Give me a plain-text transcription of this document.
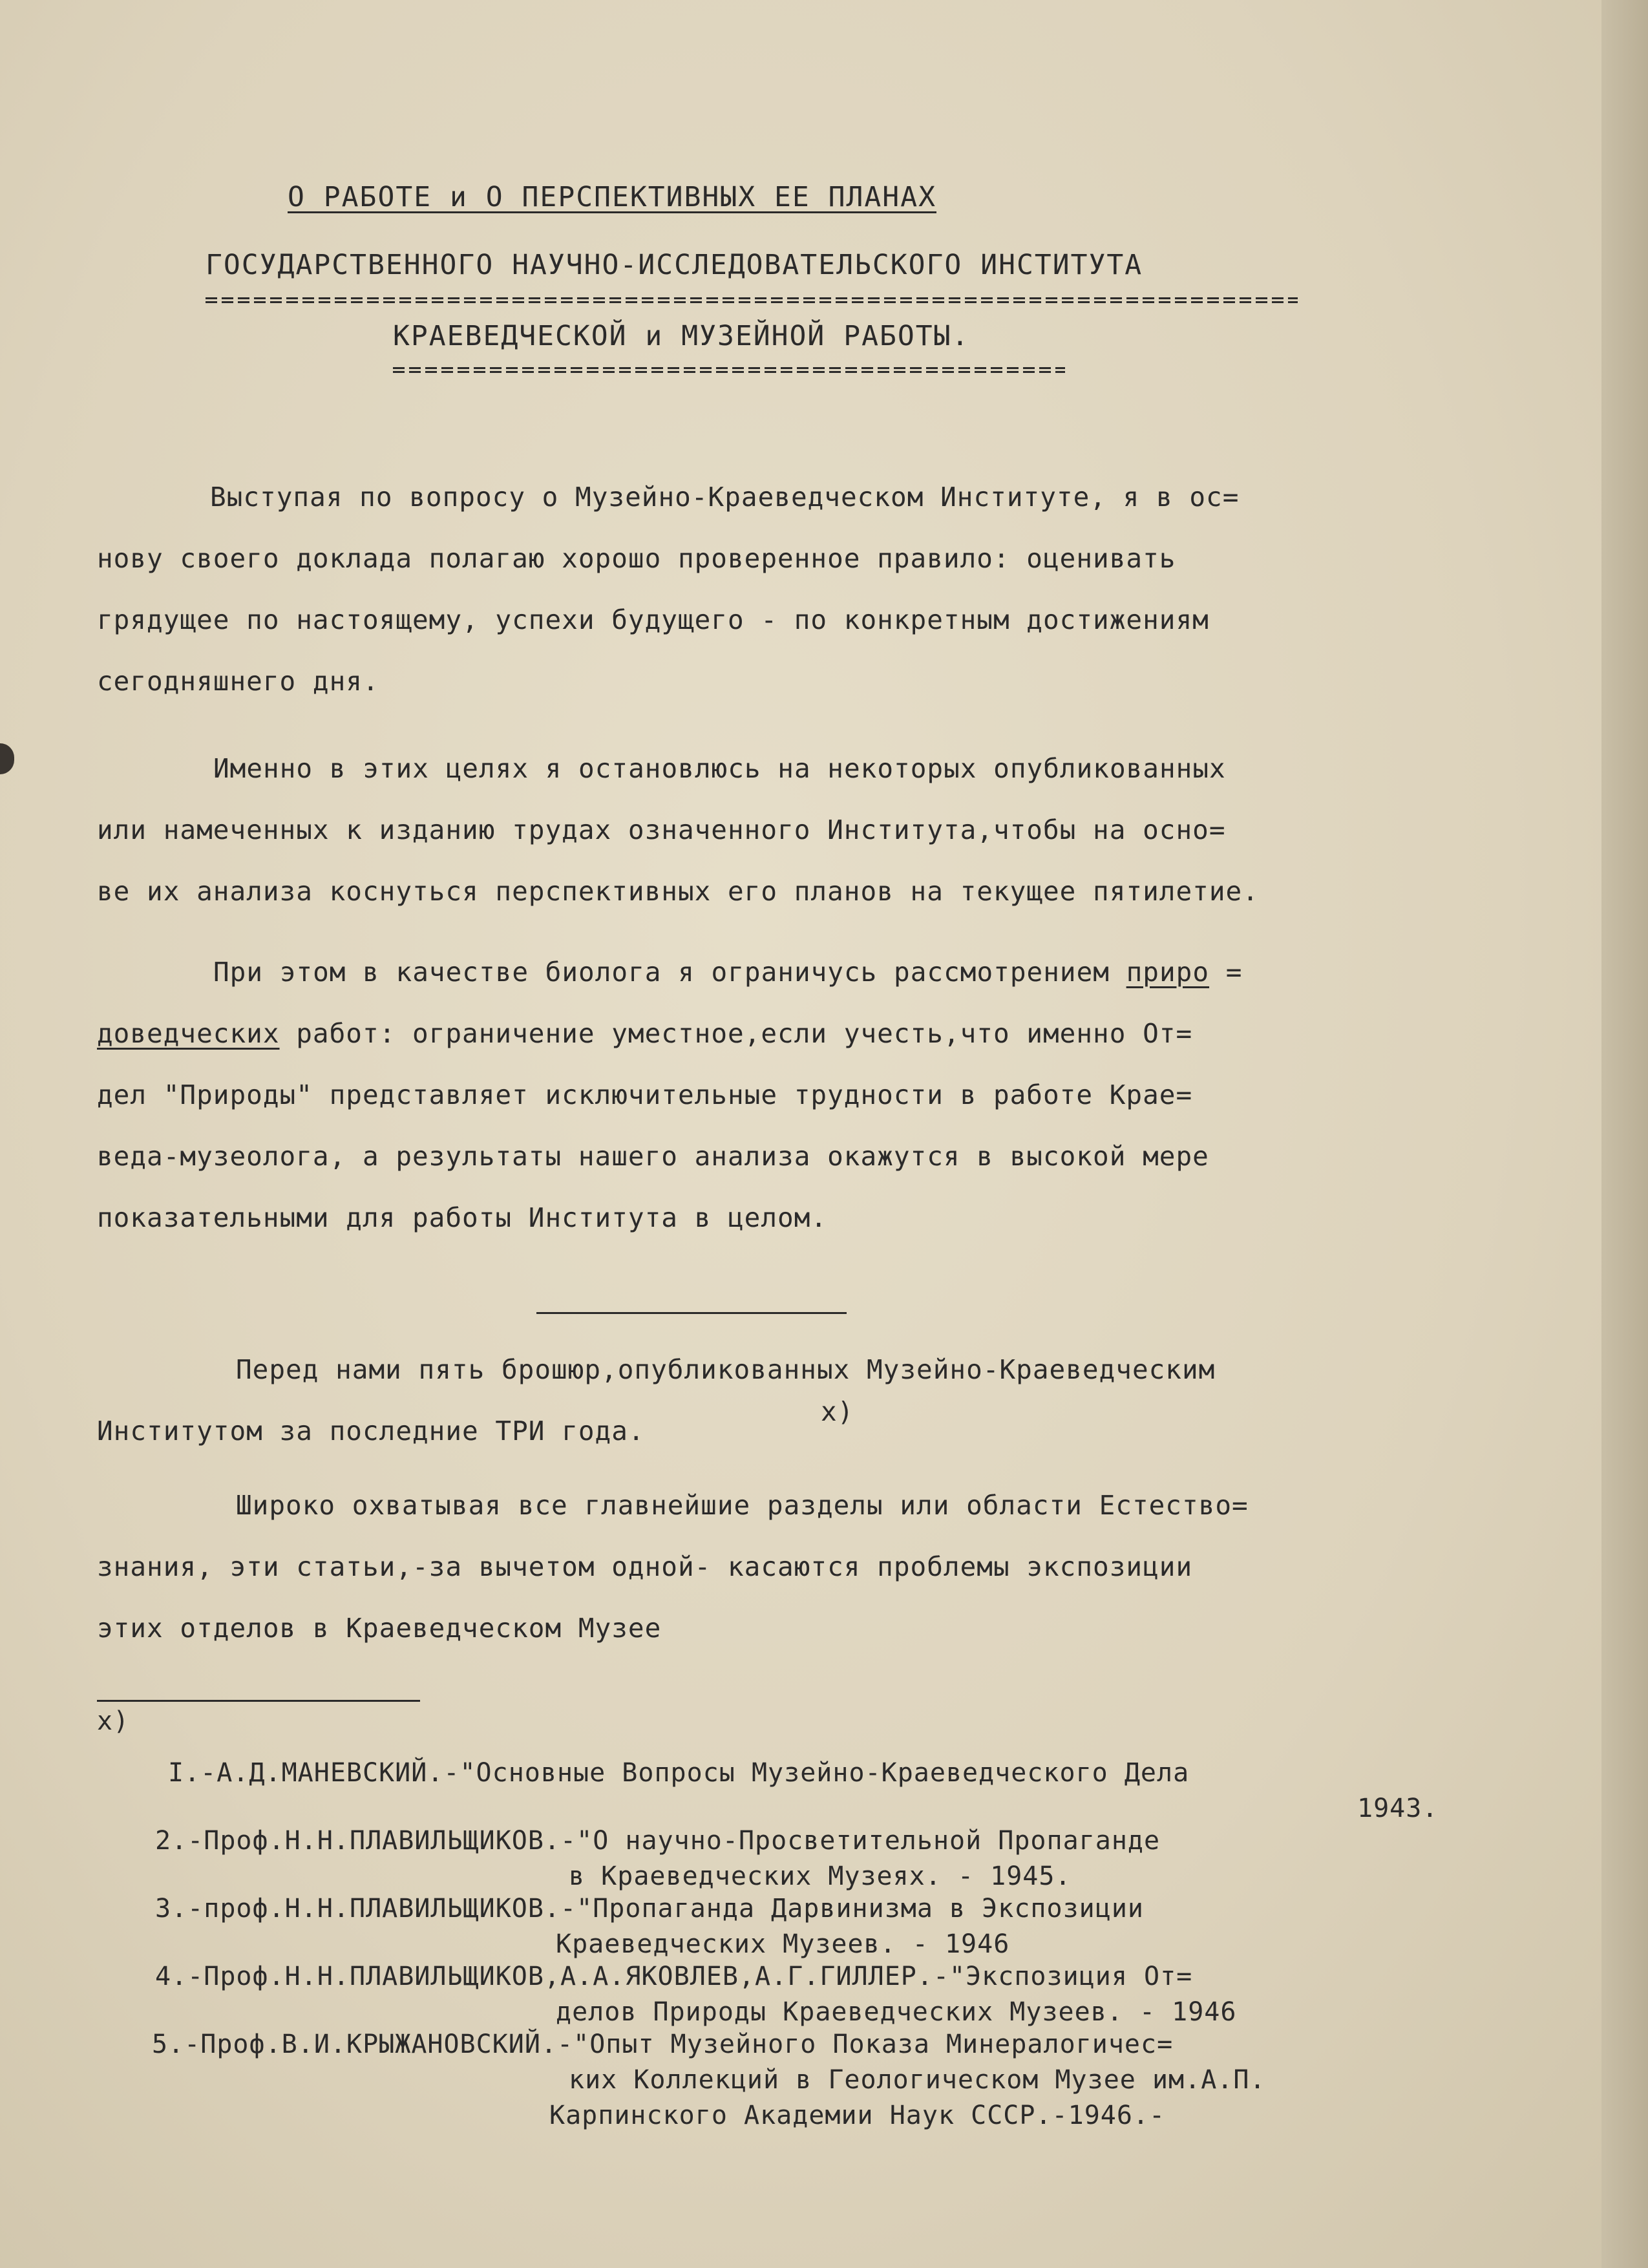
О РАБОТЕ и О ПЕРСПЕКТИВНЫХ ЕЕ ПЛАНАХ
ГОСУДАРСТВЕННОГО НАУЧНО-ИССЛЕДОВАТЕЛЬСКОГО ИНСТИТУТА
КРАЕВЕДЧЕСКОЙ и МУЗЕЙНОЙ РАБОТЫ.
Выступая по вопросу о Музейно-Краеведческом Институте, я в ос=
нову своего доклада полагаю хорошо проверенное правило: оценивать
грядущее по настоящему, успехи будущего - по конкретным достижениям
сегодняшнего дня.
Именно в этих целях я остановлюсь на некоторых опубликованных
или намеченных к изданию трудах означенного Института,чтобы на осно=
ве их анализа коснуться перспективных его планов на текущее пятилетие.
При этом в качестве биолога я ограничусь рассмотрением приро =
доведческих работ: ограничение уместное,если учесть,что именно От=
дел "Природы" представляет исключительные трудности в работе Крае=
веда-музеолога, а результаты нашего анализа окажутся в высокой мере
показательными для работы Института в целом.
Перед нами пять брошюр,опубликованных Музейно-Краеведческим
Институтом за последние ТРИ года.
x)
Широко охватывая все главнейшие разделы или области Естество=
знания, эти статьи,-за вычетом одной- касаются проблемы экспозиции
этих отделов в Краеведческом Музее
x)
I.-А.Д.МАНЕВСКИЙ.-"Основные Вопросы Музейно-Краеведческого Дела
1943.
2.-Проф.Н.Н.ПЛАВИЛЬЩИКОВ.-"О научно-Просветительной Пропаганде
в Краеведческих Музеях. - 1945.
3.-проф.Н.Н.ПЛАВИЛЬЩИКОВ.-"Пропаганда Дарвинизма в Экспозиции
Краеведческих Музеев. - 1946
4.-Проф.Н.Н.ПЛАВИЛЬЩИКОВ,А.А.ЯКОВЛЕВ,А.Г.ГИЛЛЕР.-"Экспозиция От=
делов Природы Краеведческих Музеев. - 1946
5.-Проф.В.И.КРЫЖАНОВСКИЙ.-"Опыт Музейного Показа Минералогичес=
ких Коллекций в Геологическом Музее им.А.П.
Карпинского Академии Наук СССР.-1946.-
